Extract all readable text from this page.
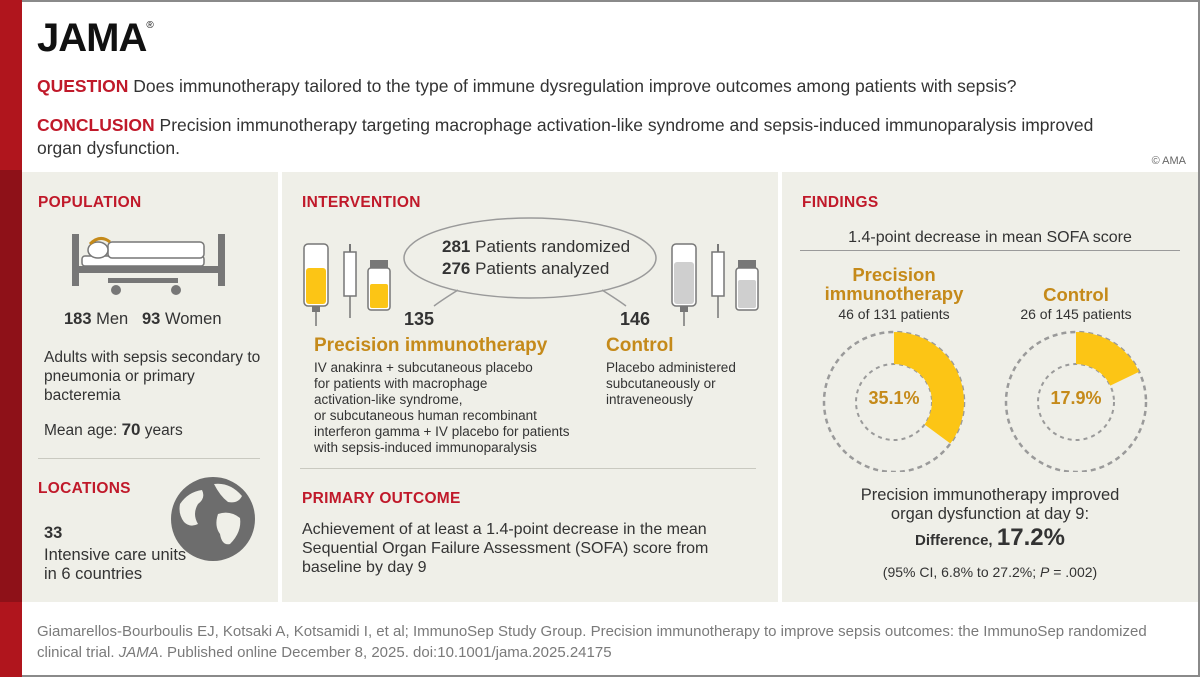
JAMA®
QUESTION Does immunotherapy tailored to the type of immune dysregulation improve outcomes among patients with sepsis?
CONCLUSION Precision immunotherapy targeting macrophage activation-like syndrome and sepsis-induced immunoparalysis improved organ dysfunction.
© AMA
POPULATION
183 Men 93 Women
Adults with sepsis secondary to pneumonia or primary bacteremia
Mean age: 70 years
LOCATIONS
33
Intensive care units in 6 countries
INTERVENTION
281 Patients randomized
276 Patients analyzed
135	146
Precision immunotherapy
IV anakinra + subcutaneous placebo
for patients with macrophage
activation-like syndrome,
or subcutaneous human recombinant
interferon gamma + IV placebo for patients
with sepsis-induced immunoparalysis
Control
Placebo administered
subcutaneously or
intraveneously
PRIMARY OUTCOME
Achievement of at least a 1.4-point decrease in the mean
Sequential Organ Failure Assessment (SOFA) score from
baseline by day 9
FINDINGS
1.4-point decrease in mean SOFA score
Precision
immunotherapy
46 of 131 patients
Control
26 of 145 patients
35.1%	17.9%
Precision immunotherapy improved
organ dysfunction at day 9:
Difference, 17.2%
(95% CI, 6.8% to 27.2%; P = .002)
Giamarellos-Bourboulis EJ, Kotsaki A, Kotsamidi I, et al; ImmunoSep Study Group. Precision immunotherapy to improve sepsis outcomes: the ImmunoSep randomized clinical trial. JAMA. Published online December 8, 2025. doi:10.1001/jama.2025.24175
